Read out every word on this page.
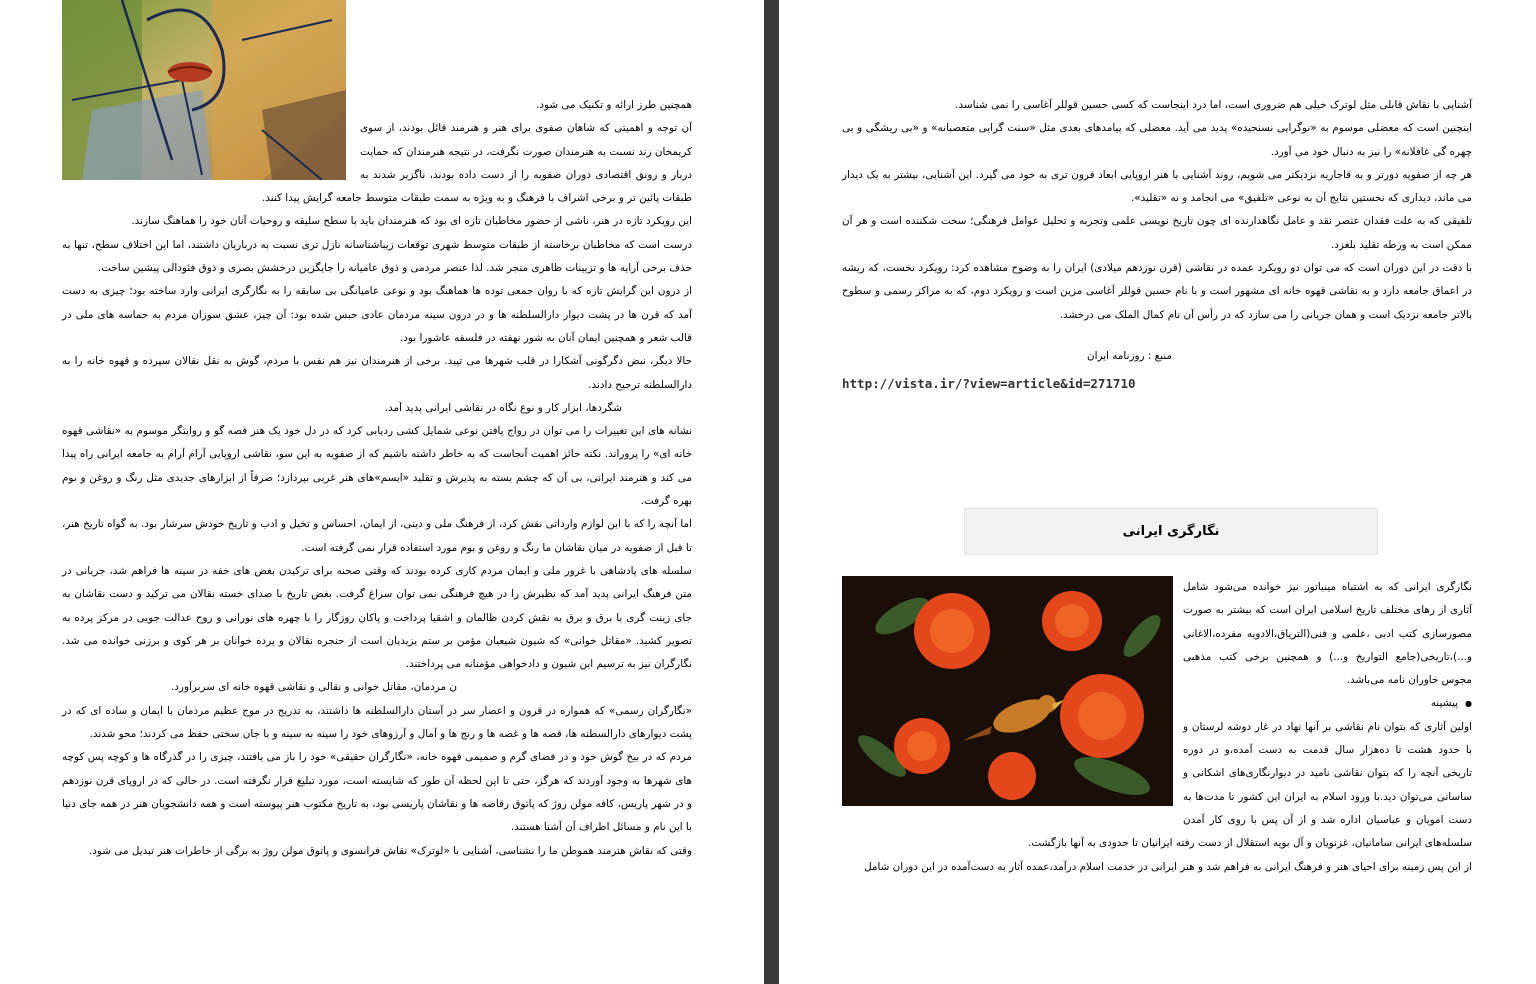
همچنین طرز ارائه و تکنیک می شود.

آن توجه و اهمیتی که شاهان صفوی برای هنر و هنرمند قائل بودند، از سوی کریمخان زند نسبت به هنرمندان صورت نگرفت، در نتیجه هنرمندان که حمایت دربار و رونق اقتصادی دوران صفویه را از دست داده بودند، ناگزیر شدند به طبقات پائین تر و برخی اشراف با فرهنگ و به ویژه به سمت طبقات متوسط جامعه گرایش پیدا کنند.

این رویکرد تازه در هنر، ناشی از حضور مخاطبان تازه ای بود که هنرمندان باید با سطح سلیقه و روحیات آنان خود را هماهنگ سازند.

درست است که مخاطبان برخاسته از طبقات متوسط شهری توقعات زیباشناسانه نازل تری نسبت به درباریان داشتند، اما این اختلاف سطح، تنها به حذف برخی آرایه ها و تزیینات ظاهری منجر شد. لذا عنصر مردمی و ذوق عامیانه را جایگزین درخشش بصری و ذوق فئودالی پیشین ساخت.

از درون این گرایش تازه که با روان جمعی توده ها هماهنگ بود و نوعی عامیانگی بی سابقه را به نگارگری ایرانی وارد ساخته بود؛ چیزی به دست آمد که قرن ها در پشت دیوار دارالسلطنه ها و در درون سینه مردمان عادی حبس شده بود: آن چیز، عشق سوزان مردم به حماسه های ملی در قالب شعر و همچنین ایمان آنان به شور نهفته در فلسفه عاشورا بود.

حالا دیگر، نبض دگرگونی آشکارا در قلب شهرها می تپید. برخی از هنرمندان نیز هم نفس با مردم، گوش به نقل نقالان سپرده و قهوه خانه را به دارالسلطنه ترجیح دادند.

شگردها، ابزار کار و نوع نگاه در نقاشی ایرانی پدید آمد.

نشانه های این تغییرات را می توان در رواج یافتن نوعی شمایل کشی ردیابی کرد که در دل خود یک هنر قصه گو و روایتگر موسوم به «نقاشی قهوه خانه ای» را پروراند. نکته حائز اهمیت آنجاست که به خاطر داشته باشیم که از صفویه به این سو، نقاشی اروپایی آرام آرام به جامعه ایرانی راه پیدا می کند و هنرمند ایرانی، بی آن که چشم بسته به پذیرش و تقلید «ایسم»های هنر غربی بپردازد؛ صرفاً از ابزارهای جدیدی مثل رنگ و روغن و بوم بهره گرفت.

اما آنچه را که با این لوازم وارداتی نقش کرد، از فرهنگ ملی و دینی، از ایمان، احساس و تخیل و ادب و تاریخ خودش سرشار بود. به گواه تاریخ هنر، تا قبل از صفویه در میان نقاشان ما رنگ و روغن و بوم مورد استفاده قرار نمی گرفته است.

سلسله های پادشاهی با غرور ملی و ایمان مردم کاری کرده بودند که وقتی صحنه برای ترکیدن بغض های خفه در سینه ها فراهم شد، جریانی در متن فرهنگ ایرانی پدید آمد که نظیرش را در هیچ فرهنگی نمی توان سراغ گرفت. بغض تاریخ با صدای خسته نقالان می ترکید و دست نقاشان به جای زینت گری با برق و برق به نقش کردن ظالمان و اشقیا پرداخت و پاکان روزگار را با چهره های نورانی و روح عدالت جویی در مرکز پرده به تصویر کشید. «مقاتل خوانی» که شیون شیعیان مؤمن بر ستم یزیدیان است از حنجره نقالان و پرده خوانان بر هر کوی و برزنی خوانده می شد. نگارگران نیز به ترسیم این شیون و دادخواهی مؤمنانه می پرداختند.

ن مردمان، مقاتل خوانی و نقالی و نقاشی قهوه خانه ای سربرآورد.

«نگارگران رسمی» که همواره در قرون و اعصار سر در آستان دارالسلطنه ها داشتند، به تدریج در موج عظیم مردمان با ایمان و ساده ای که در پشت دیوارهای دارالسطنه ها، قصه ها و غصه ها و رنج ها و آمال و آرزوهای خود را سینه به سینه و با جان سختی حفظ می کردند؛ محو شدند.

مردم که در بیخ گوش خود و در فضای گرم و صمیمی قهوه خانه، «نگارگران حقیقی» خود را باز می یافتند، چیزی را در گذرگاه ها و کوچه پس کوچه های شهرها به وجود آوردند که هرگز، حتی تا این لحظه آن طور که شایسته است، مورد تبلیغ قرار نگرفته است. در حالی که در اروپای قرن نوزدهم و در شهر پاریس، کافه مولن روژ که پاتوق رقاصه ها و نقاشان پاریسی بود، به تاریخ مکتوب هنر پیوسته است و همه دانشجویان هنر در همه جای دنیا با این نام و مسائل اطراف آن آشنا هستند.

وقتی که نقاش هنرمند هموطن ما را نشناسی، آشنایی با «لوترک» نقاش فرانسوی و پاتوق مولن روژ به برگی از خاطرات هنر تبدیل می شود.

آشنایی با نقاش قابلی مثل لوترک خیلی هم ضروری است، اما درد اینجاست که کسی حسین قوللر آغاسی را نمی شناسد.

اینچنین است که معضلی موسوم به «نوگرایی نسنجیده» پدید می آید. معضلی که پیامدهای بعدی مثل «سنت گرایی متعصبانه» و «بی ریشگی و بی چهره گی غافلانه» را نیز به دنبال خود می آورد.

هر چه از صفویه دورتر و به قاجاریه نزدیکتر می شویم، روند آشنایی با هنر اروپایی ابعاد فرون تری به خود می گیرد. این آشنایی، بیشتر به یک دیدار می ماند، دیداری که نخستین نتایج آن به نوعی «تلفیق» می انجامد و نه «تقلید».

تلفیقی که به علت فقدان عنصر نقد و عامل نگاهدارنده ای چون تاریخ نویسی علمی وتجربه و تحلیل عوامل فرهنگی؛ سخت شکننده است و هر آن ممکن است به ورطه تقلید بلغزد.

با دقت در این دوران است که می توان دو رویکرد عمده در نقاشی (قرن نوزدهم میلادی) ایران را به وضوح مشاهده کرد: رویکرد نخست، که ریشه در اعماق جامعه دارد و به نقاشی قهوه خانه ای مشهور است و با نام حسین قوللر آغاسی مزین است و رویکرد دوم، که به مراکز رسمی و سطوح بالاتر جامعه نزدیک است و همان جریانی را می سازد که در رأس آن نام کمال الملک می درخشد.

منبع : روزنامه ایران

http://vista.ir/?view=article&id=271710

نگارگری ایرانی

نگارگری ایرانی که به اشتباه مینیاتور نیز خوانده می‌شود شامل آثاری از رهای مختلف تاریخ اسلامی ایران است که بیشتر به صورت مصورسازی کتب ادبی ،علمی و فنی(الترياق،الادويه مفرده،الاغانی و...)،تاریخی(جامع التواريخ و...) و همچنین برخی کتب مذهبی مجوس خاوران نامه می‌باشد.

● پیشینه

اولین آثاری که بتوان نام نقاشی بر آنها نهاد در غار دوشه لرستان و با حدود هشت تا ده‌هزار سال قدمت به دست آمده،و در دوره تاریخی آنچه را که بتوان نقاشی نامید در دیوارنگاری‌های اشکانی و ساسانی می‌توان دید.با ورود اسلام به ایران این کشور تا مدت‌ها به دست امویان و عباسیان اداره شد و از آن پس با روی کار آمدن سلسله‌های ایرانی سامانیان، غزنویان و آل بویه استقلال از دست رفته ایرانیان تا حدودی به آنها بازگشت.

از این پس زمینه برای احیای هنر و فرهنگ ایرانی به فراهم شد و هنر ایرانی در خدمت اسلام درآمد،عمده آثار به دست‌آمده در این دوران شامل
